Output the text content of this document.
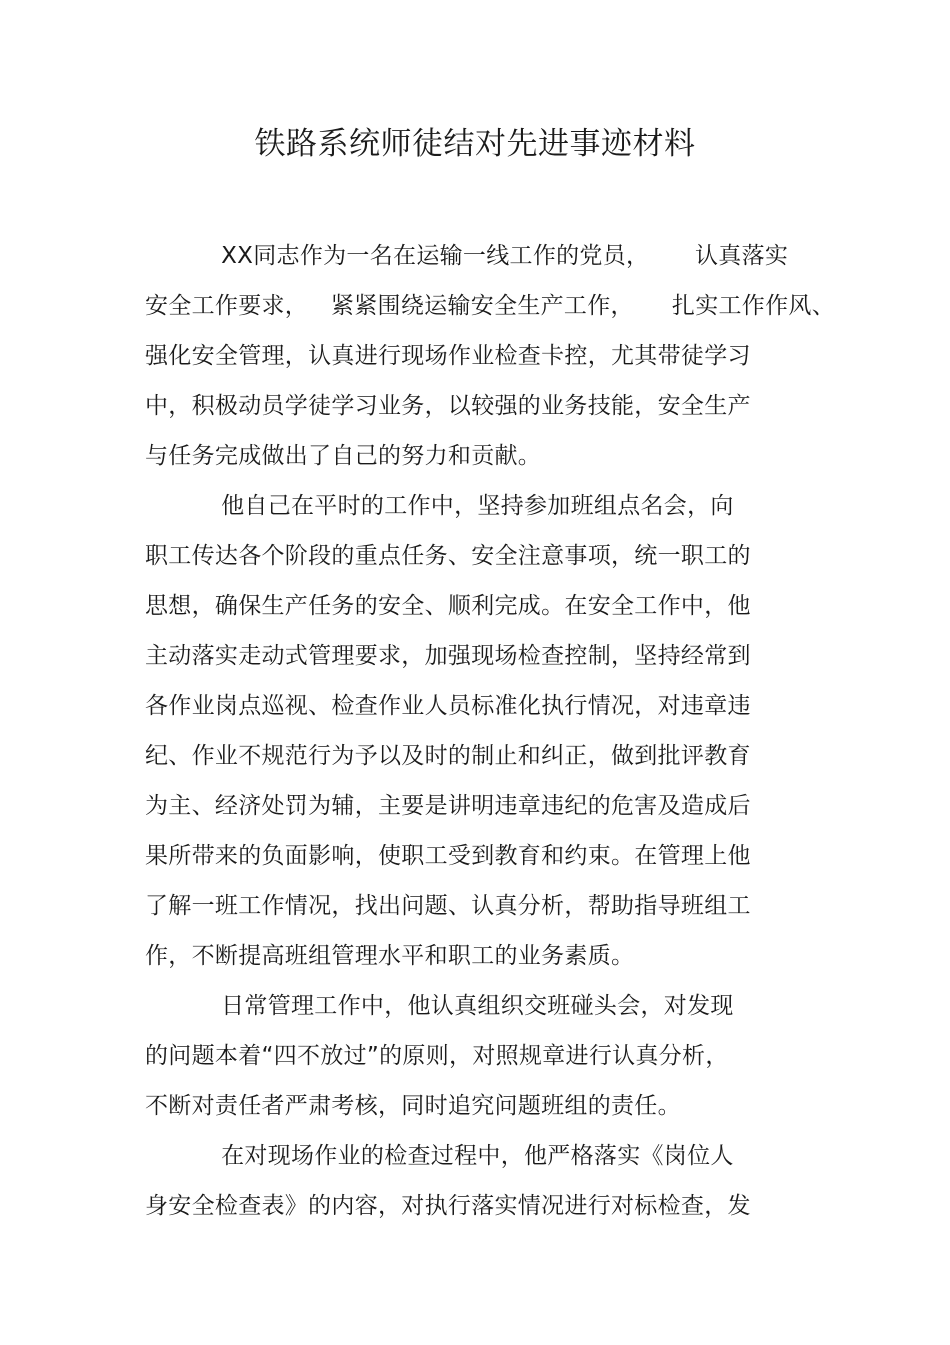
铁路系统师徒结对先进事迹材料
XX同志作为一名在运输一线工作的党员，      认真落实
安全工作要求，   紧紧围绕运输安全生产工作，     扎实工作作风、
强化安全管理，认真进行现场作业检查卡控，尤其带徒学习
中，积极动员学徒学习业务，以较强的业务技能，安全生产
与任务完成做出了自己的努力和贡献。
他自己在平时的工作中，坚持参加班组点名会，向
职工传达各个阶段的重点任务、安全注意事项，统一职工的
思想，确保生产任务的安全、顺利完成。在安全工作中，他
主动落实走动式管理要求，加强现场检查控制，坚持经常到
各作业岗点巡视、检查作业人员标准化执行情况，对违章违
纪、作业不规范行为予以及时的制止和纠正，做到批评教育
为主、经济处罚为辅，主要是讲明违章违纪的危害及造成后
果所带来的负面影响，使职工受到教育和约束。在管理上他
了解一班工作情况，找出问题、认真分析，帮助指导班组工
作，不断提高班组管理水平和职工的业务素质。
日常管理工作中，他认真组织交班碰头会，对发现
的问题本着“四不放过”的原则，对照规章进行认真分析，
不断对责任者严肃考核，同时追究问题班组的责任。
在对现场作业的检查过程中，他严格落实《岗位人
身安全检查表》的内容，对执行落实情况进行对标检查，发
